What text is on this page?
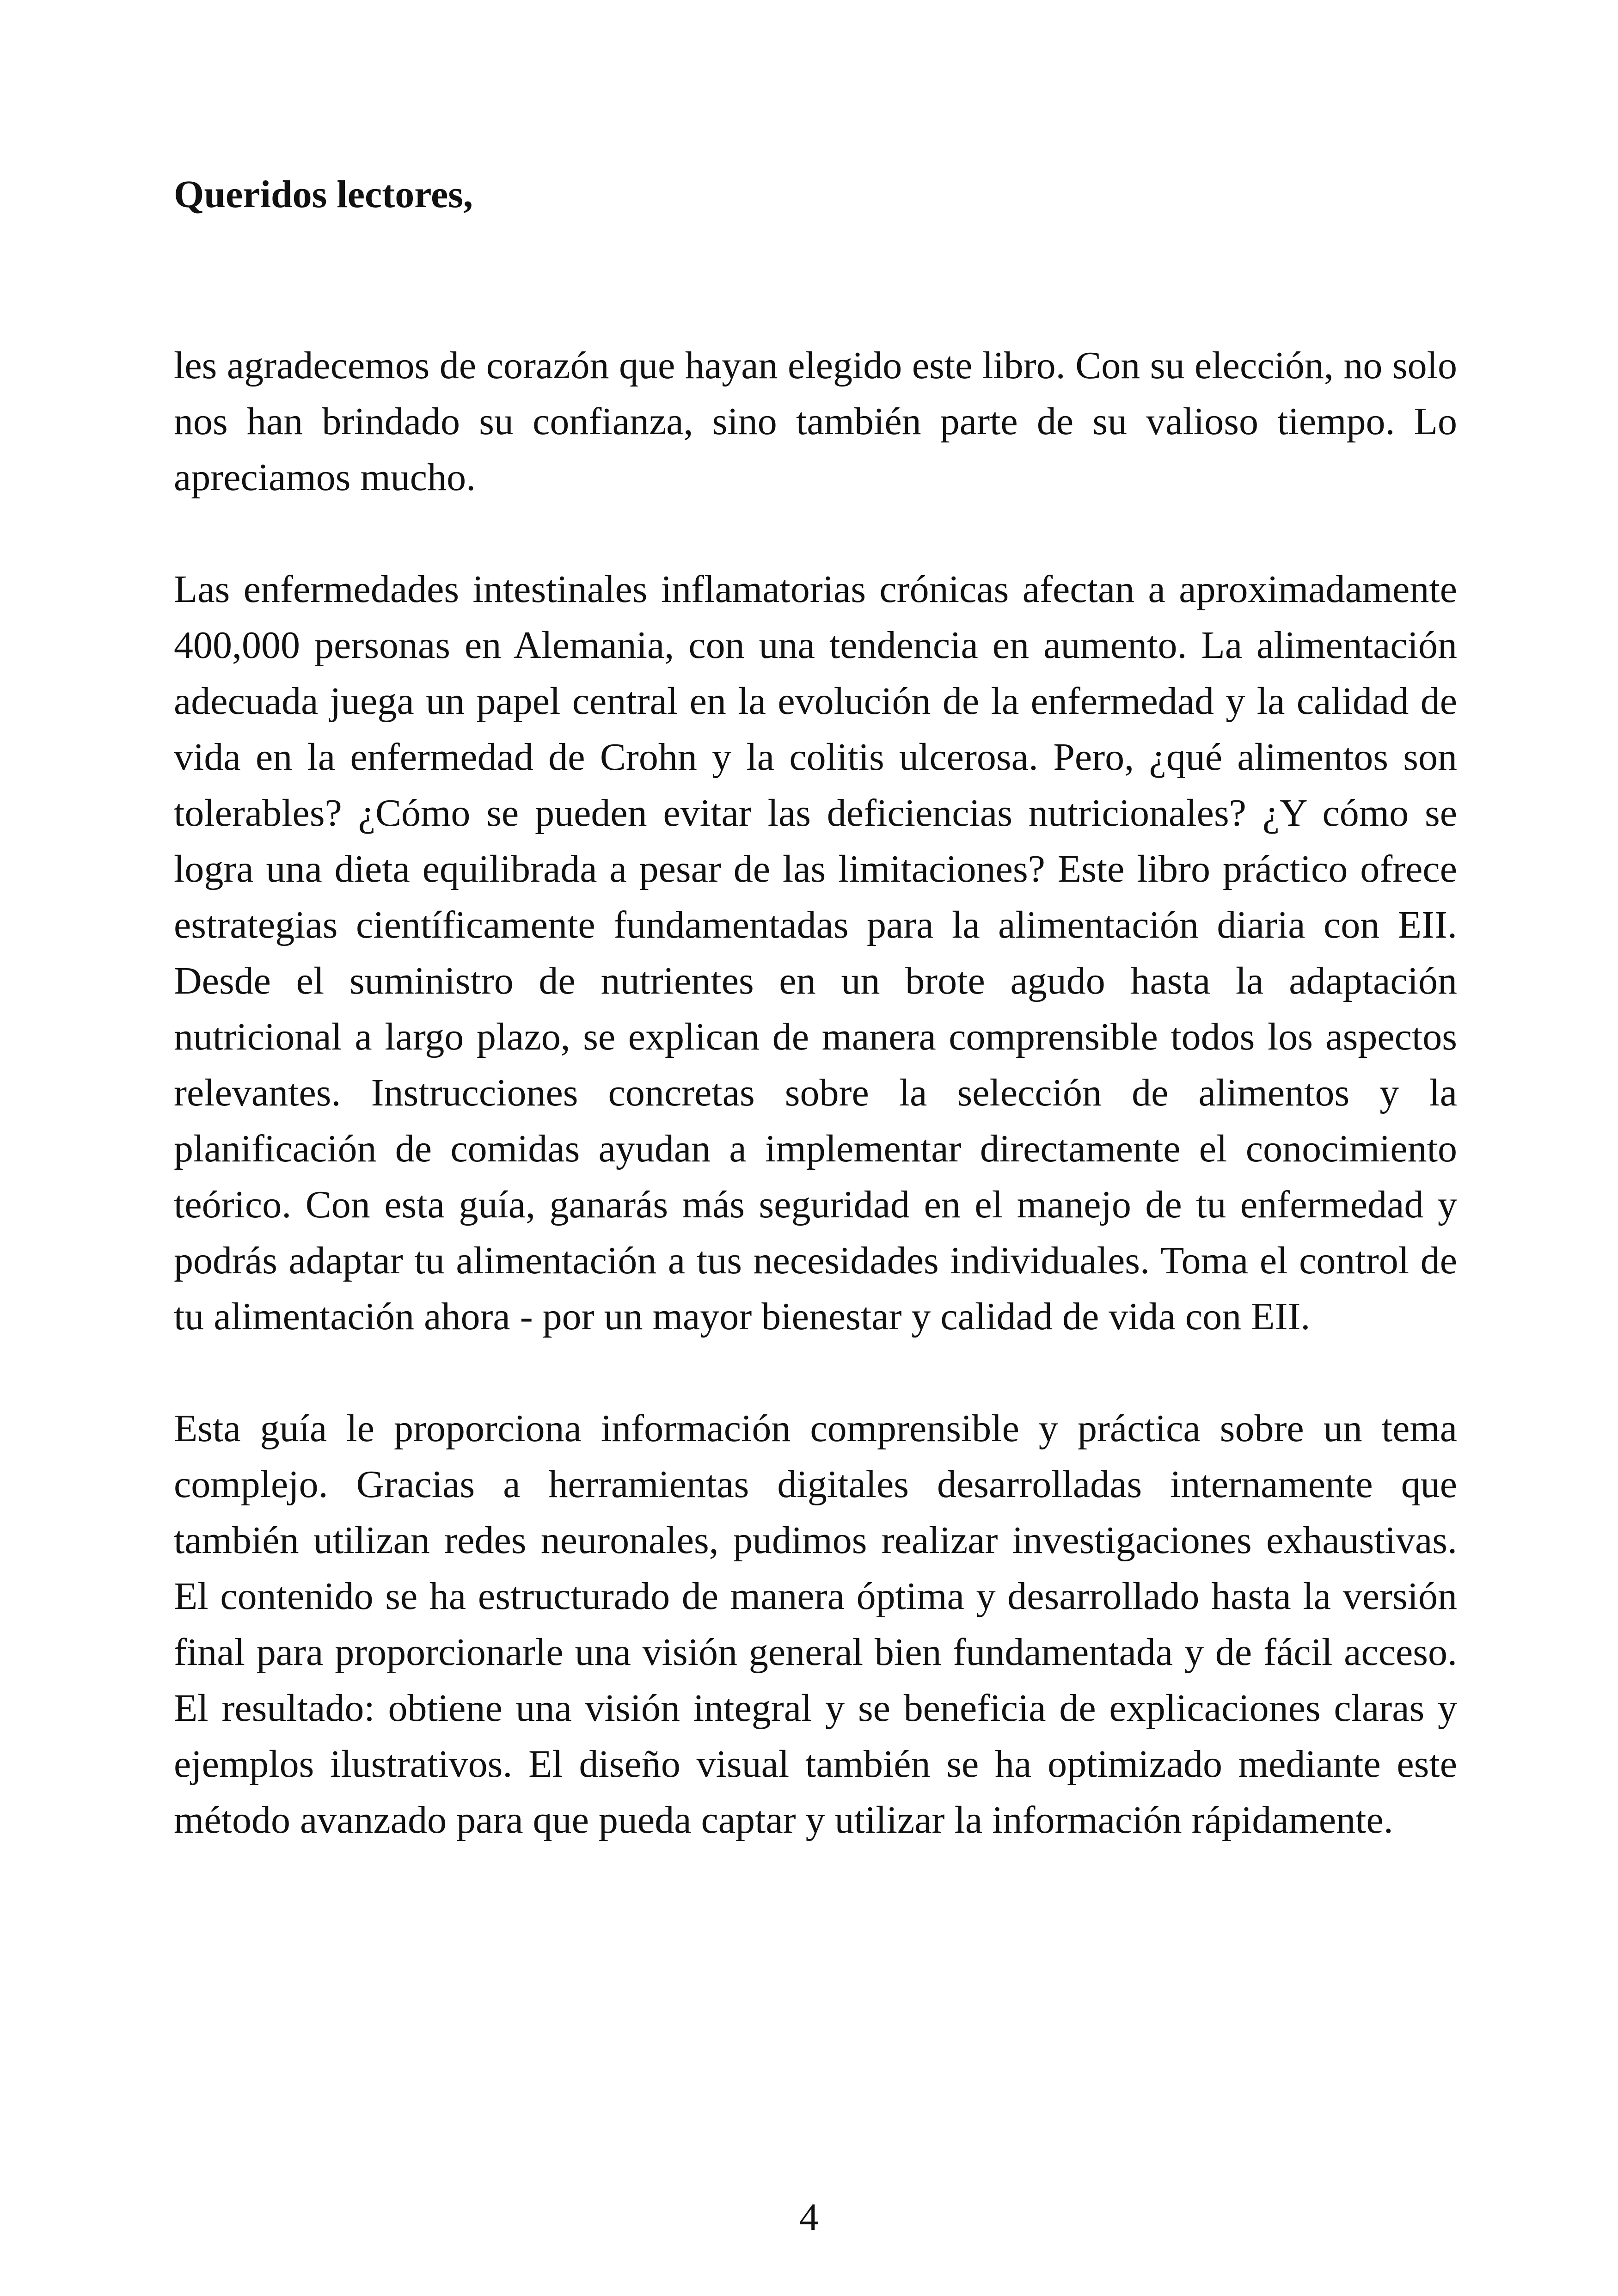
Queridos lectores,

les agradecemos de corazón que hayan elegido este libro. Con su elección, no solo nos han brindado su confianza, sino también parte de su valioso tiempo. Lo apreciamos mucho.

Las enfermedades intestinales inflamatorias crónicas afectan a aproximadamente 400,000 personas en Alemania, con una tendencia en aumento. La alimentación adecuada juega un papel central en la evolución de la enfermedad y la calidad de vida en la enfermedad de Crohn y la colitis ulcerosa. Pero, ¿qué alimentos son tolerables? ¿Cómo se pueden evitar las deficiencias nutricionales? ¿Y cómo se logra una dieta equilibrada a pesar de las limitaciones? Este libro práctico ofrece estrategias científicamente fundamentadas para la alimentación diaria con EII. Desde el suministro de nutrientes en un brote agudo hasta la adaptación nutricional a largo plazo, se explican de manera comprensible todos los aspectos relevantes. Instrucciones concretas sobre la selección de alimentos y la planificación de comidas ayudan a implementar directamente el conocimiento teórico. Con esta guía, ganarás más seguridad en el manejo de tu enfermedad y podrás adaptar tu alimentación a tus necesidades individuales. Toma el control de tu alimentación ahora - por un mayor bienestar y calidad de vida con EII.

Esta guía le proporciona información comprensible y práctica sobre un tema complejo. Gracias a herramientas digitales desarrolladas internamente que también utilizan redes neuronales, pudimos realizar investigaciones exhaustivas. El contenido se ha estructurado de manera óptima y desarrollado hasta la versión final para proporcionarle una visión general bien fundamentada y de fácil acceso. El resultado: obtiene una visión integral y se beneficia de explicaciones claras y ejemplos ilustrativos. El diseño visual también se ha optimizado mediante este método avanzado para que pueda captar y utilizar la información rápidamente.

4
